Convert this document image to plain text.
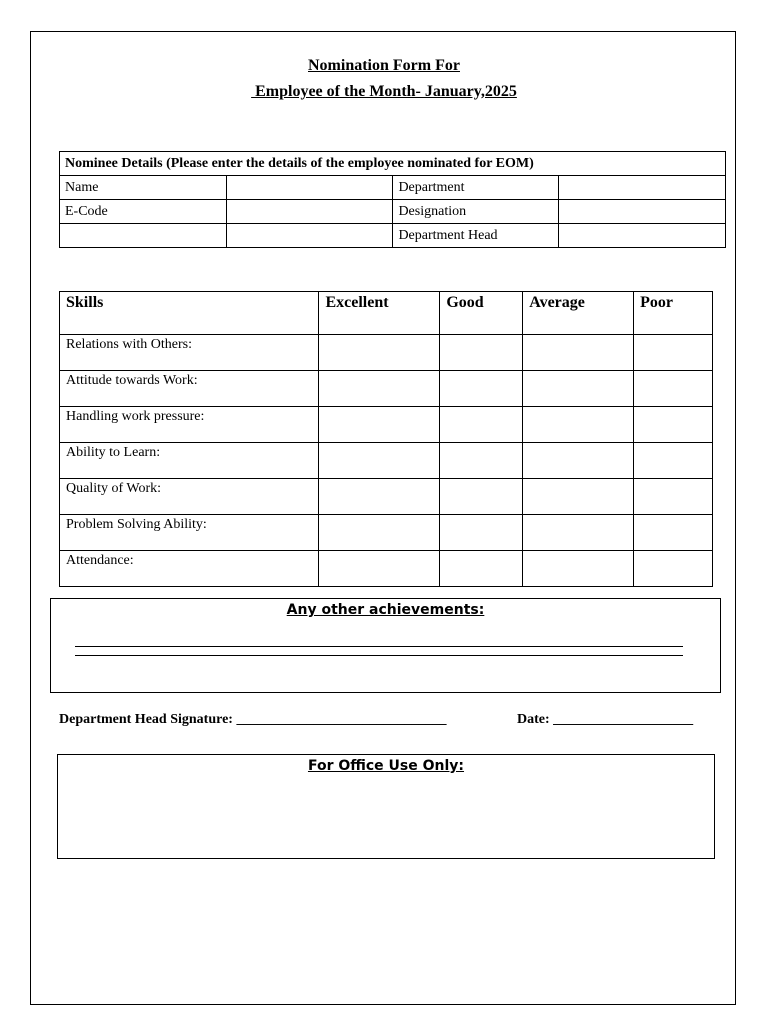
Nomination Form For
Employee of the Month- January,2025
Nominee Details (Please enter the details of the employee nominated for EOM)			
Name		Department	
E-Code		Designation	
		Department Head	
Skills	Excellent	Good	Average	Poor
Relations with Others:				
Attitude towards Work:				
Handling work pressure:				
Ability to Learn:				
Quality of Work:				
Problem Solving Ability:				
Attendance:				
Any other achievements:
Department Head Signature: ______________________________	Date: ____________________
For Office Use Only:
